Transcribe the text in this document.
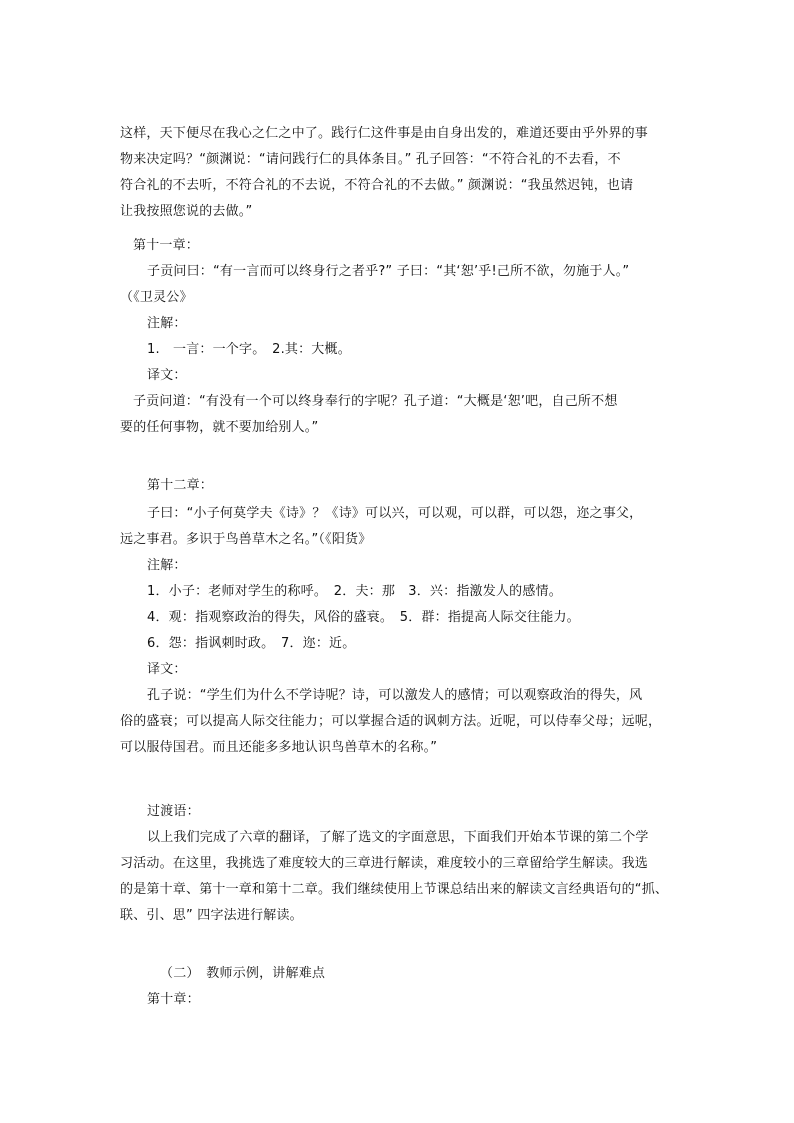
这样，天下便尽在我心之仁之中了。践行仁这件事是由自身出发的，难道还要由乎外界的事
物来决定吗？“颜渊说：“请问践行仁的具体条目。” 孔子回答：“不符合礼的不去看，不
符合礼的不去听，不符合礼的不去说，不符合礼的不去做。” 颜渊说：“我虽然迟钝，也请
让我按照您说的去做。”
第十一章：
子贡问曰：“有一言而可以终身行之者乎?” 子曰：“其‘恕’乎!己所不欲，勿施于人。”
（《卫灵公》
注解：
1.　一言：一个字。　2.其：大概。
译文：
子贡问道：“有没有一个可以终身奉行的字呢？孔子道：“大概是‘恕’吧，自己所不想
要的任何事物，就不要加给别人。”
第十二章：
子曰：“小子何莫学夫《诗》？《诗》可以兴，可以观，可以群，可以怨，迩之事父，
远之事君。多识于鸟兽草木之名。”（《阳货》
注解：
1．小子：老师对学生的称呼。　2．夫：那　3．兴：指激发人的感情。
4．观：指观察政治的得失，风俗的盛衰。　5．群：指提高人际交往能力。
6．怨：指讽刺时政。　7．迩：近。
译文：
孔子说：“学生们为什么不学诗呢？诗，可以激发人的感情；可以观察政治的得失，风
俗的盛衰；可以提高人际交往能力；可以掌握合适的讽刺方法。近呢，可以侍奉父母；远呢，
可以服侍国君。而且还能多多地认识鸟兽草木的名称。”
过渡语：
以上我们完成了六章的翻译，了解了选文的字面意思，下面我们开始本节课的第二个学
习活动。在这里，我挑选了难度较大的三章进行解读，难度较小的三章留给学生解读。我选
的是第十章、第十一章和第十二章。我们继续使用上节课总结出来的解读文言经典语句的“抓、
联、引、思” 四字法进行解读。
（二）　教师示例，讲解难点
第十章：
